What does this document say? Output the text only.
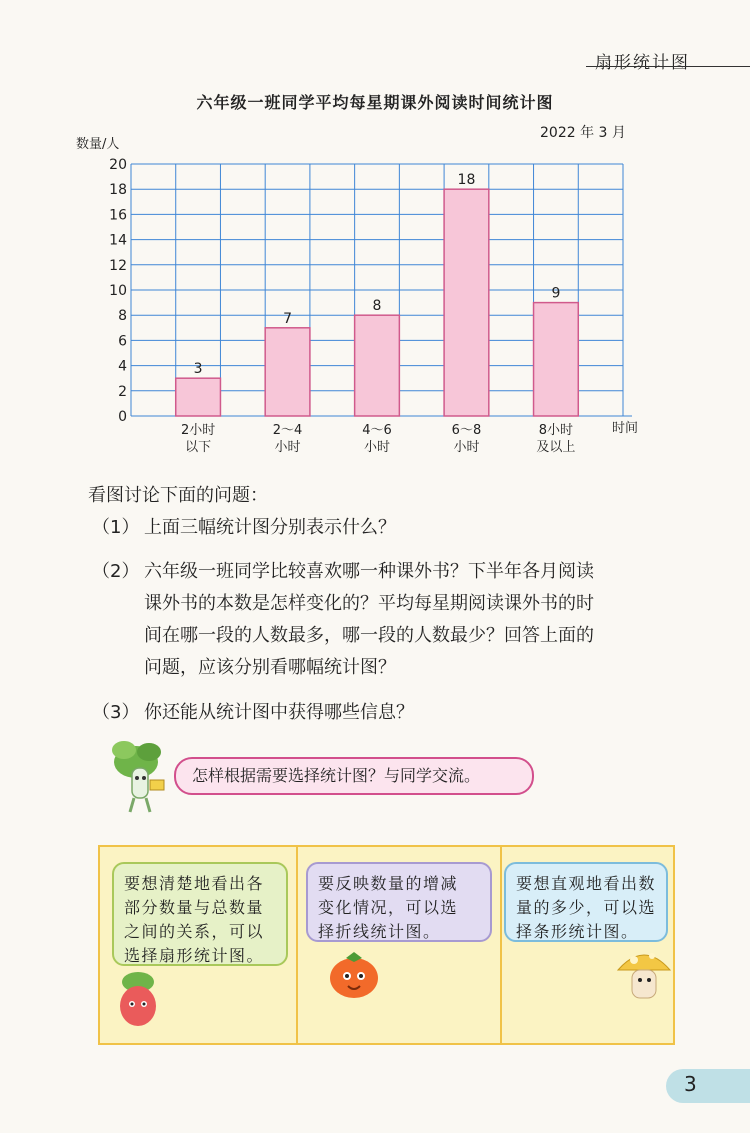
扇形统计图
六年级一班同学平均每星期课外阅读时间统计图
2022 年 3 月
数量/人
时间
3
7
8
18
9
0
2
4
6
8
10
12
14
16
18
20
2小时
以下
2～4
小时
4～6
小时
6～8
小时
8小时
及以上
看图讨论下面的问题：
（1） 上面三幅统计图分别表示什么？
（2） 六年级一班同学比较喜欢哪一种课外书？下半年各月阅读
课外书的本数是怎样变化的？平均每星期阅读课外书的时
间在哪一段的人数最多，哪一段的人数最少？回答上面的
问题，应该分别看哪幅统计图？
（3） 你还能从统计图中获得哪些信息？
怎样根据需要选择统计图？与同学交流。
要想清楚地看出各
部分数量与总数量
之间的关系，可以
选择扇形统计图。
要反映数量的增减
变化情况，可以选
择折线统计图。
要想直观地看出数
量的多少，可以选
择条形统计图。
3
